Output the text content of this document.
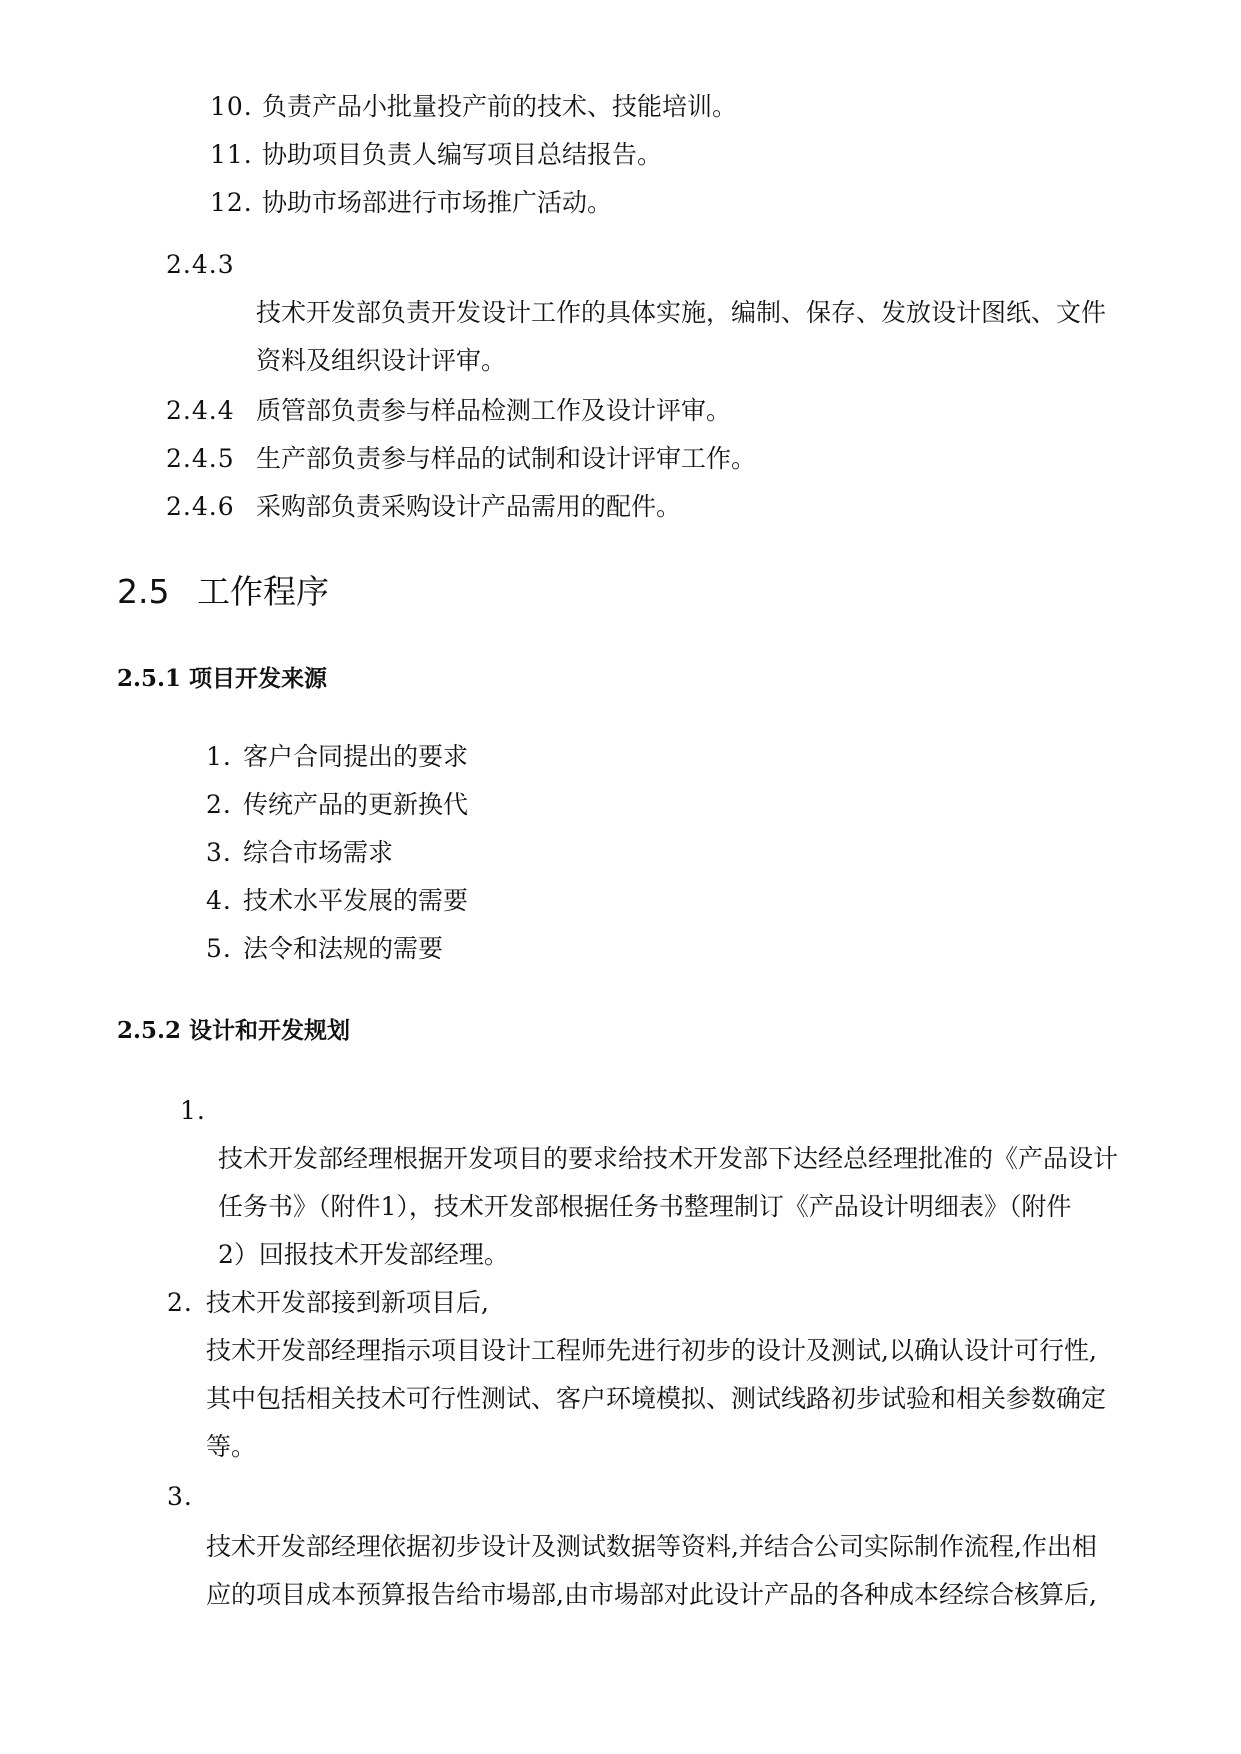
10. 负责产品小批量投产前的技术、技能培训。
11. 协助项目负责人编写项目总结报告。
12. 协助市场部进行市场推广活动。
2.4.3
技术开发部负责开发设计工作的具体实施，编制、保存、发放设计图纸、文件
资料及组织设计评审。
2.4.4 质管部负责参与样品检测工作及设计评审。
2.4.5 生产部负责参与样品的试制和设计评审工作。
2.4.6 采购部负责采购设计产品需用的配件。
2.5 工作程序
2.5.1 项目开发来源
1. 客户合同提出的要求
2. 传统产品的更新换代
3. 综合市场需求
4. 技术水平发展的需要
5. 法令和法规的需要
2.5.2 设计和开发规划
1.
技术开发部经理根据开发项目的要求给技术开发部下达经总经理批准的《产品设计
任务书》（附件1），技术开发部根据任务书整理制订《产品设计明细表》（附件
2）回报技术开发部经理。
2. 技术开发部接到新项目后,
技术开发部经理指示项目设计工程师先进行初步的设计及测试,以确认设计可行性,
其中包括相关技术可行性测试、客户环境模拟、测试线路初步试验和相关参数确定
等。
3.
技术开发部经理依据初步设计及测试数据等资料,并结合公司实际制作流程,作出相
应的项目成本预算报告给市場部,由市場部对此设计产品的各种成本经综合核算后,
